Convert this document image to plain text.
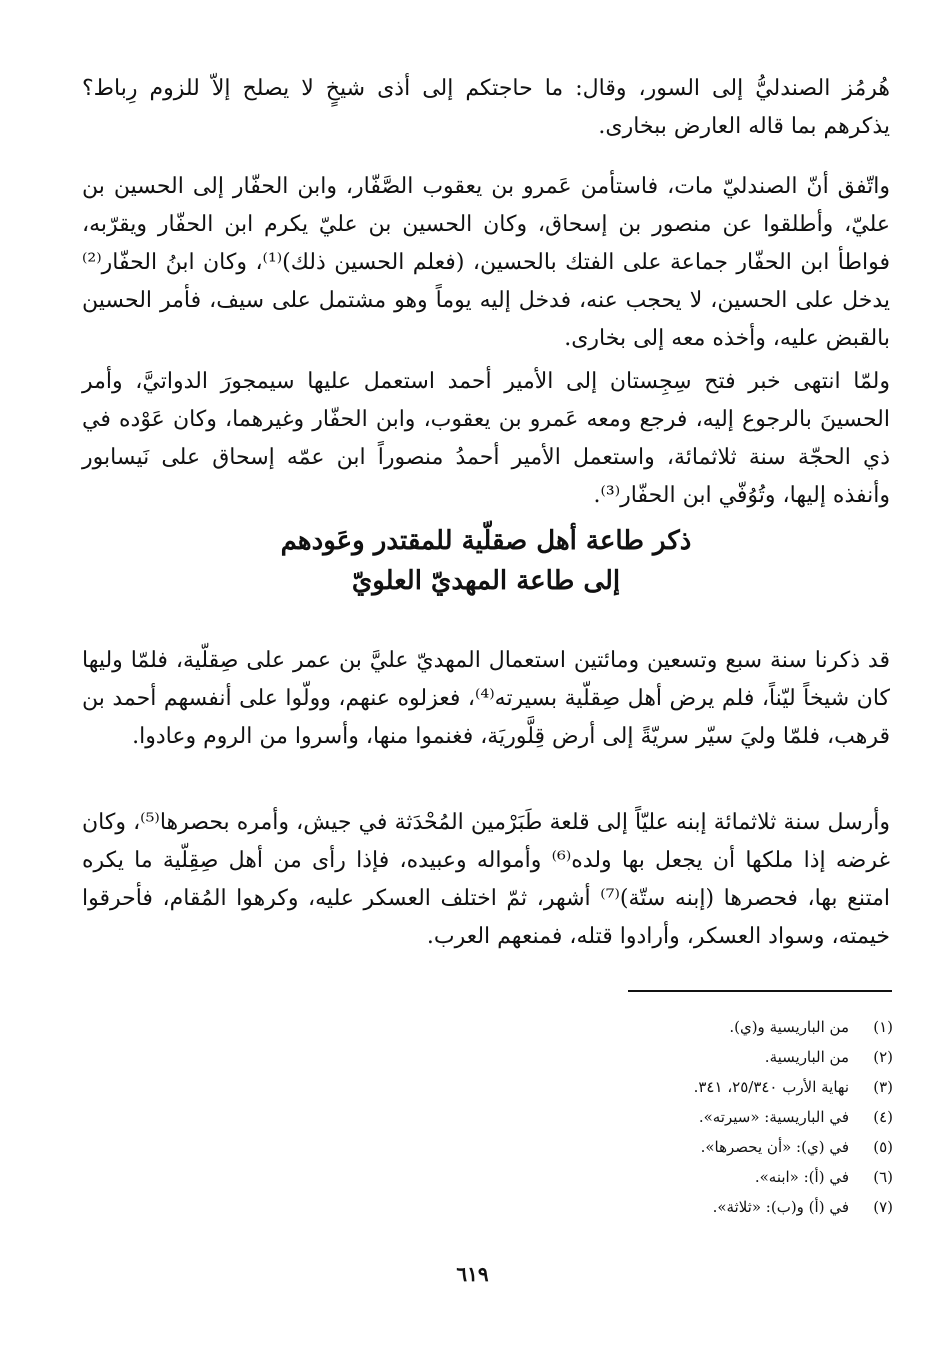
هُرمُز الصندليُّ إلى السور، وقال: ما حاجتكم إلى أذى شيخٍ لا يصلح إلاّ للزوم رِباط؟ يذكرهم بما قاله العارض ببخارى.

واتّفق أنّ الصندليّ مات، فاستأمن عَمرو بن يعقوب الصَّفّار، وابن الحفّار إلى الحسين بن عليّ، وأطلقوا عن منصور بن إسحاق، وكان الحسين بن عليّ يكرم ابن الحفّار ويقرّبه، فواطأ ابن الحفّار جماعة على الفتك بالحسين، (فعلم الحسين ذلك)⁽¹⁾، وكان ابنُ الحفّار⁽²⁾ يدخل على الحسين، لا يحجب عنه، فدخل إليه يوماً وهو مشتمل على سيف، فأمر الحسين بالقبض عليه، وأخذه معه إلى بخارى.

ولمّا انتهى خبر فتح سِجِستان إلى الأمير أحمد استعمل عليها سيمجورَ الدواتيَّ، وأمر الحسينَ بالرجوع إليه، فرجع ومعه عَمرو بن يعقوب، وابن الحفّار وغيرهما، وكان عَوْده في ذي الحجّة سنة ثلاثمائة، واستعمل الأمير أحمدُ منصوراً ابن عمّه إسحاق على نَيسابور وأنفذه إليها، وتُوُفّي ابن الحفّار⁽³⁾.

ذكر طاعة أهل صقلّية للمقتدر وعَودهم
إلى طاعة المهديّ العلويّ

قد ذكرنا سنة سبع وتسعين ومائتين استعمال المهديّ عليَّ بن عمر على صِقلّية، فلمّا وليها كان شيخاً ليّناً، فلم يرض أهل صِقلّية بسيرته⁽⁴⁾، فعزلوه عنهم، وولّوا على أنفسهم أحمد بن قرهب، فلمّا وليَ سيّر سريّةً إلى أرض قِلَّوريَة، فغنموا منها، وأسروا من الروم وعادوا.

وأرسل سنة ثلاثمائة إبنه عليّاً إلى قلعة طَبَرْمين المُحْدَثة في جيش، وأمره بحصرها⁽⁵⁾، وكان غرضه إذا ملكها أن يجعل بها ولده⁽⁶⁾ وأمواله وعبيده، فإذا رأى من أهل صِقِلّية ما يكره امتنع بها، فحصرها (إبنه ستّة)⁽⁷⁾ أشهر، ثمّ اختلف العسكر عليه، وكرهوا المُقام، فأحرقوا خيمته، وسواد العسكر، وأرادوا قتله، فمنعهم العرب.

(١)
من الباريسية و(ي).
(٢)
من الباريسية.
(٣)
نهاية الأرب ٢٥/٣٤٠، ٣٤١.
(٤)
في الباريسية: «سيرته».
(٥)
في (ي): «أن يحصرها».
(٦)
في (أ): «ابنه».
(٧)
في (أ) و(ب): «ثلاثة».
٦١٩
